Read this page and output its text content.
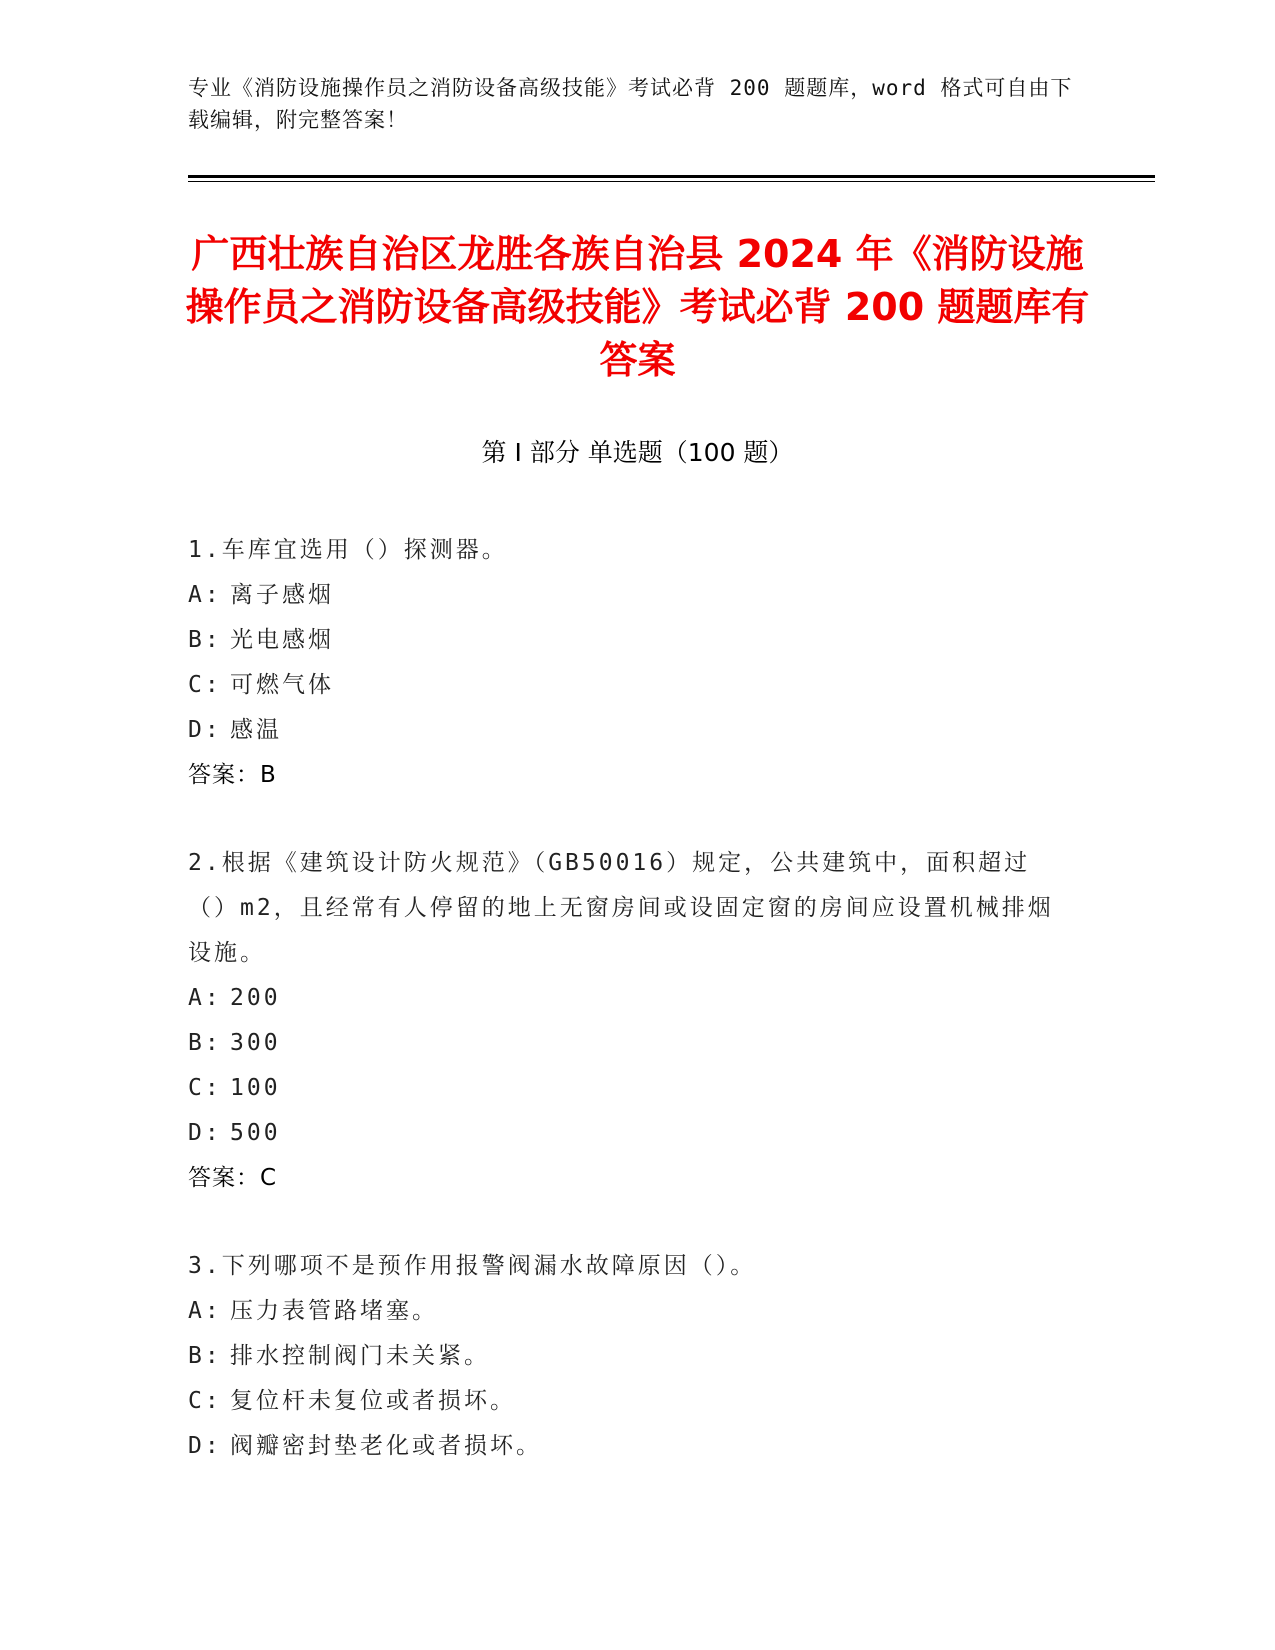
专业《消防设施操作员之消防设备高级技能》考试必背 200 题题库，word 格式可自由下载编辑，附完整答案！
广西壮族自治区龙胜各族自治县 2024 年《消防设施操作员之消防设备高级技能》考试必背 200 题题库有答案
第 I 部分 单选题（100 题）

1.车库宜选用（）探测器。

A: 离子感烟

B: 光电感烟

C: 可燃气体

D: 感温

答案：B

2.根据《建筑设计防火规范》（GB50016）规定，公共建筑中，面积超过（）m2，且经常有人停留的地上无窗房间或设固定窗的房间应设置机械排烟设施。

A: 200

B: 300

C: 100

D: 500

答案：C

3.下列哪项不是预作用报警阀漏水故障原因（）。

A: 压力表管路堵塞。

B: 排水控制阀门未关紧。

C: 复位杆未复位或者损坏。

D: 阀瓣密封垫老化或者损坏。
